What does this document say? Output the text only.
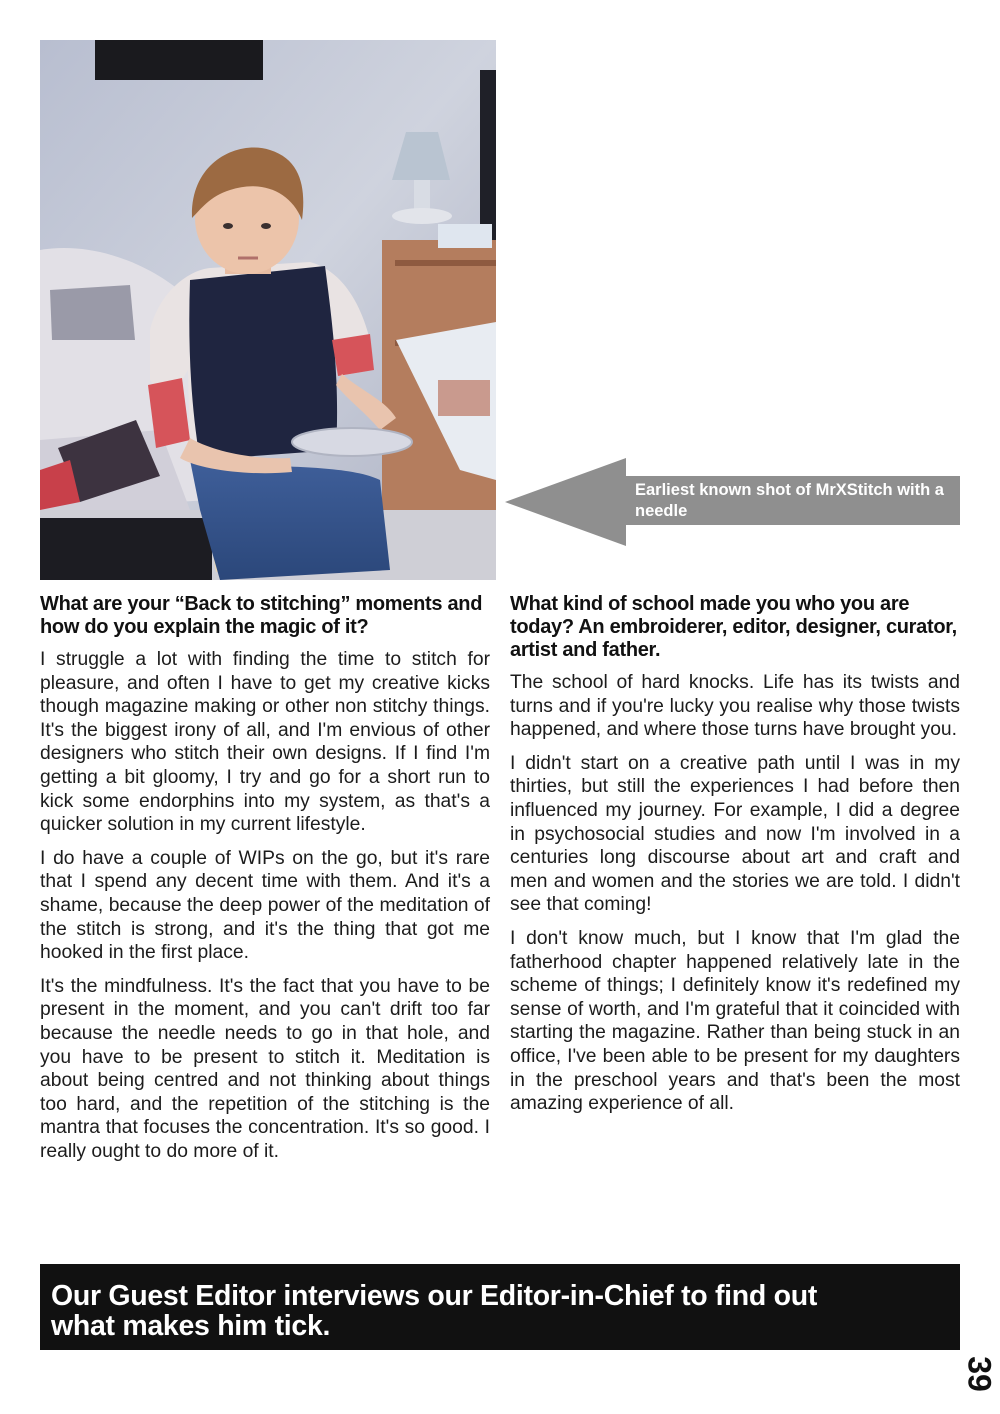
Earliest known shot of MrXStitch with a needle
What are your “Back to stitching” moments and how do you explain the magic of it?

I struggle a lot with finding the time to stitch for pleasure, and often I have to get my creative kicks though magazine making or other non stitchy things. It's the biggest irony of all, and I'm envious of other designers who stitch their own designs. If I find I'm getting a bit gloomy, I try and go for a short run to kick some endorphins into my system, as that's a quicker solution in my current lifestyle.

I do have a couple of WIPs on the go, but it's rare that I spend any decent time with them. And it's a shame, because the deep power of the meditation of the stitch is strong, and it's the thing that got me hooked in the first place.

It's the mindfulness. It's the fact that you have to be present in the moment, and you can't drift too far because the needle needs to go in that hole, and you have to be present to stitch it. Meditation is about being centred and not thinking about things too hard, and the repetition of the stitching is the mantra that focuses the concentration. It's so good. I really ought to do more of it.

What kind of school made you who you are today? An embroiderer, editor, designer, curator, artist and father.

The school of hard knocks. Life has its twists and turns and if you're lucky you realise why those twists happened, and where those turns have brought you.

I didn't start on a creative path until I was in my thirties, but still the experiences I had before then influenced my journey. For example, I did a degree in psychosocial studies and now I'm involved in a centuries long discourse about art and craft and men and women and the stories we are told. I didn't see that coming!

I don't know much, but I know that I'm glad the fatherhood chapter happened relatively late in the scheme of things; I definitely know it's redefined my sense of worth, and I'm grateful that it coincided with starting the magazine. Rather than being stuck in an office, I've been able to be present for my daughters in the preschool years and that's been the most amazing experience of all.

Our Guest Editor interviews our Editor-in-Chief to find out
what makes him tick.
39
